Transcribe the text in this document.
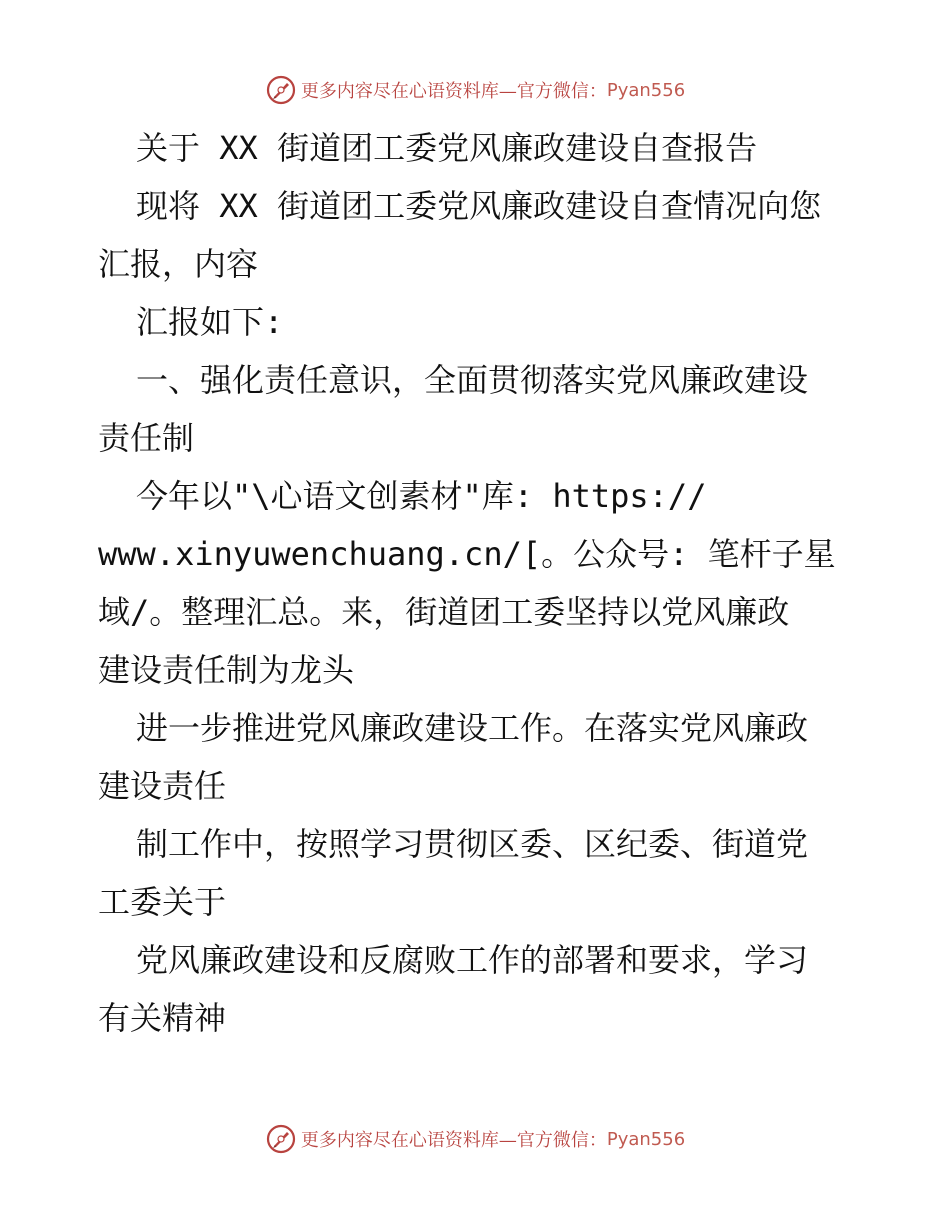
更多内容尽在心语资料库—官方微信： Pyan556
关于 XX 街道团工委党风廉政建设自查报告
现将 XX 街道团工委党风廉政建设自查情况向您
汇报，内容
汇报如下:
一、强化责任意识，全面贯彻落实党风廉政建设
责任制
今年以"\心语文创素材"库: https://
www.xinyuwenchuang.cn/[。公众号: 笔杆子星
域/。整理汇总。来，街道团工委坚持以党风廉政
建设责任制为龙头
进一步推进党风廉政建设工作。在落实党风廉政
建设责任
制工作中，按照学习贯彻区委、区纪委、街道党
工委关于
党风廉政建设和反腐败工作的部署和要求，学习
有关精神
更多内容尽在心语资料库—官方微信： Pyan556
